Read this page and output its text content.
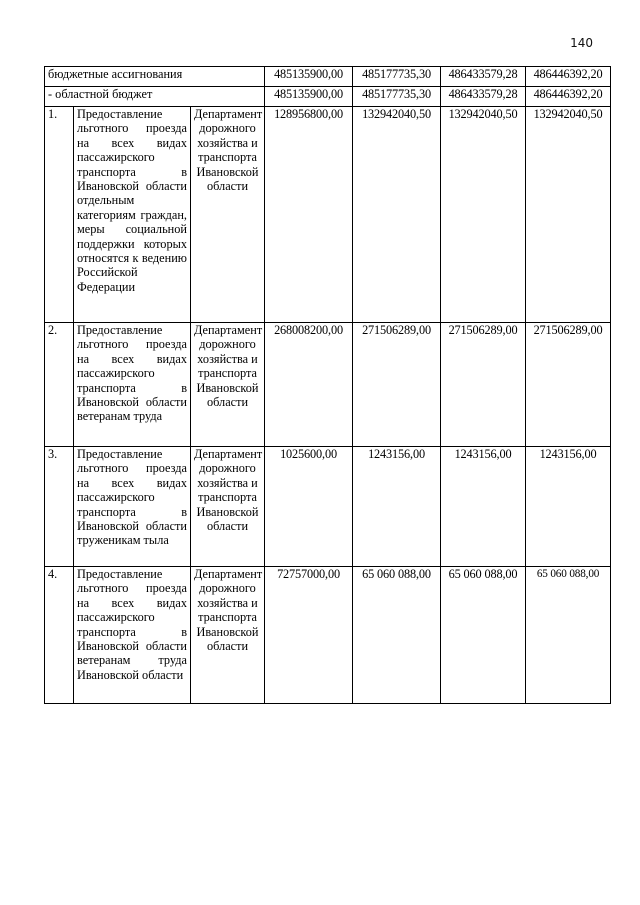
140
бюджетные ассигнования			485135900,00	485177735,30	486433579,28	486446392,20
- областной бюджет			485135900,00	485177735,30	486433579,28	486446392,20
1.	Предоставление льготного проезда на всех видах пассажирского транспорта в Ивановской области отдельным категориям граждан, меры социальной поддержки которых относятся к ведению Российской Федерации	Департамент дорожного хозяйства и транспорта Ивановской области	128956800,00	132942040,50	132942040,50	132942040,50
2.	Предоставление льготного проезда на всех видах пассажирского транспорта в Ивановской области ветеранам труда	Департамент дорожного хозяйства и транспорта Ивановской области	268008200,00	271506289,00	271506289,00	271506289,00
3.	Предоставление льготного проезда на всех видах пассажирского транспорта в Ивановской области труженикам тыла	Департамент дорожного хозяйства и транспорта Ивановской области	1025600,00	1243156,00	1243156,00	1243156,00
4.	Предоставление льготного проезда на всех видах пассажирского транспорта в Ивановской области ветеранам труда Ивановской области	Департамент дорожного хозяйства и транспорта Ивановской области	72757000,00	65 060 088,00	65 060 088,00	65 060 088,00
